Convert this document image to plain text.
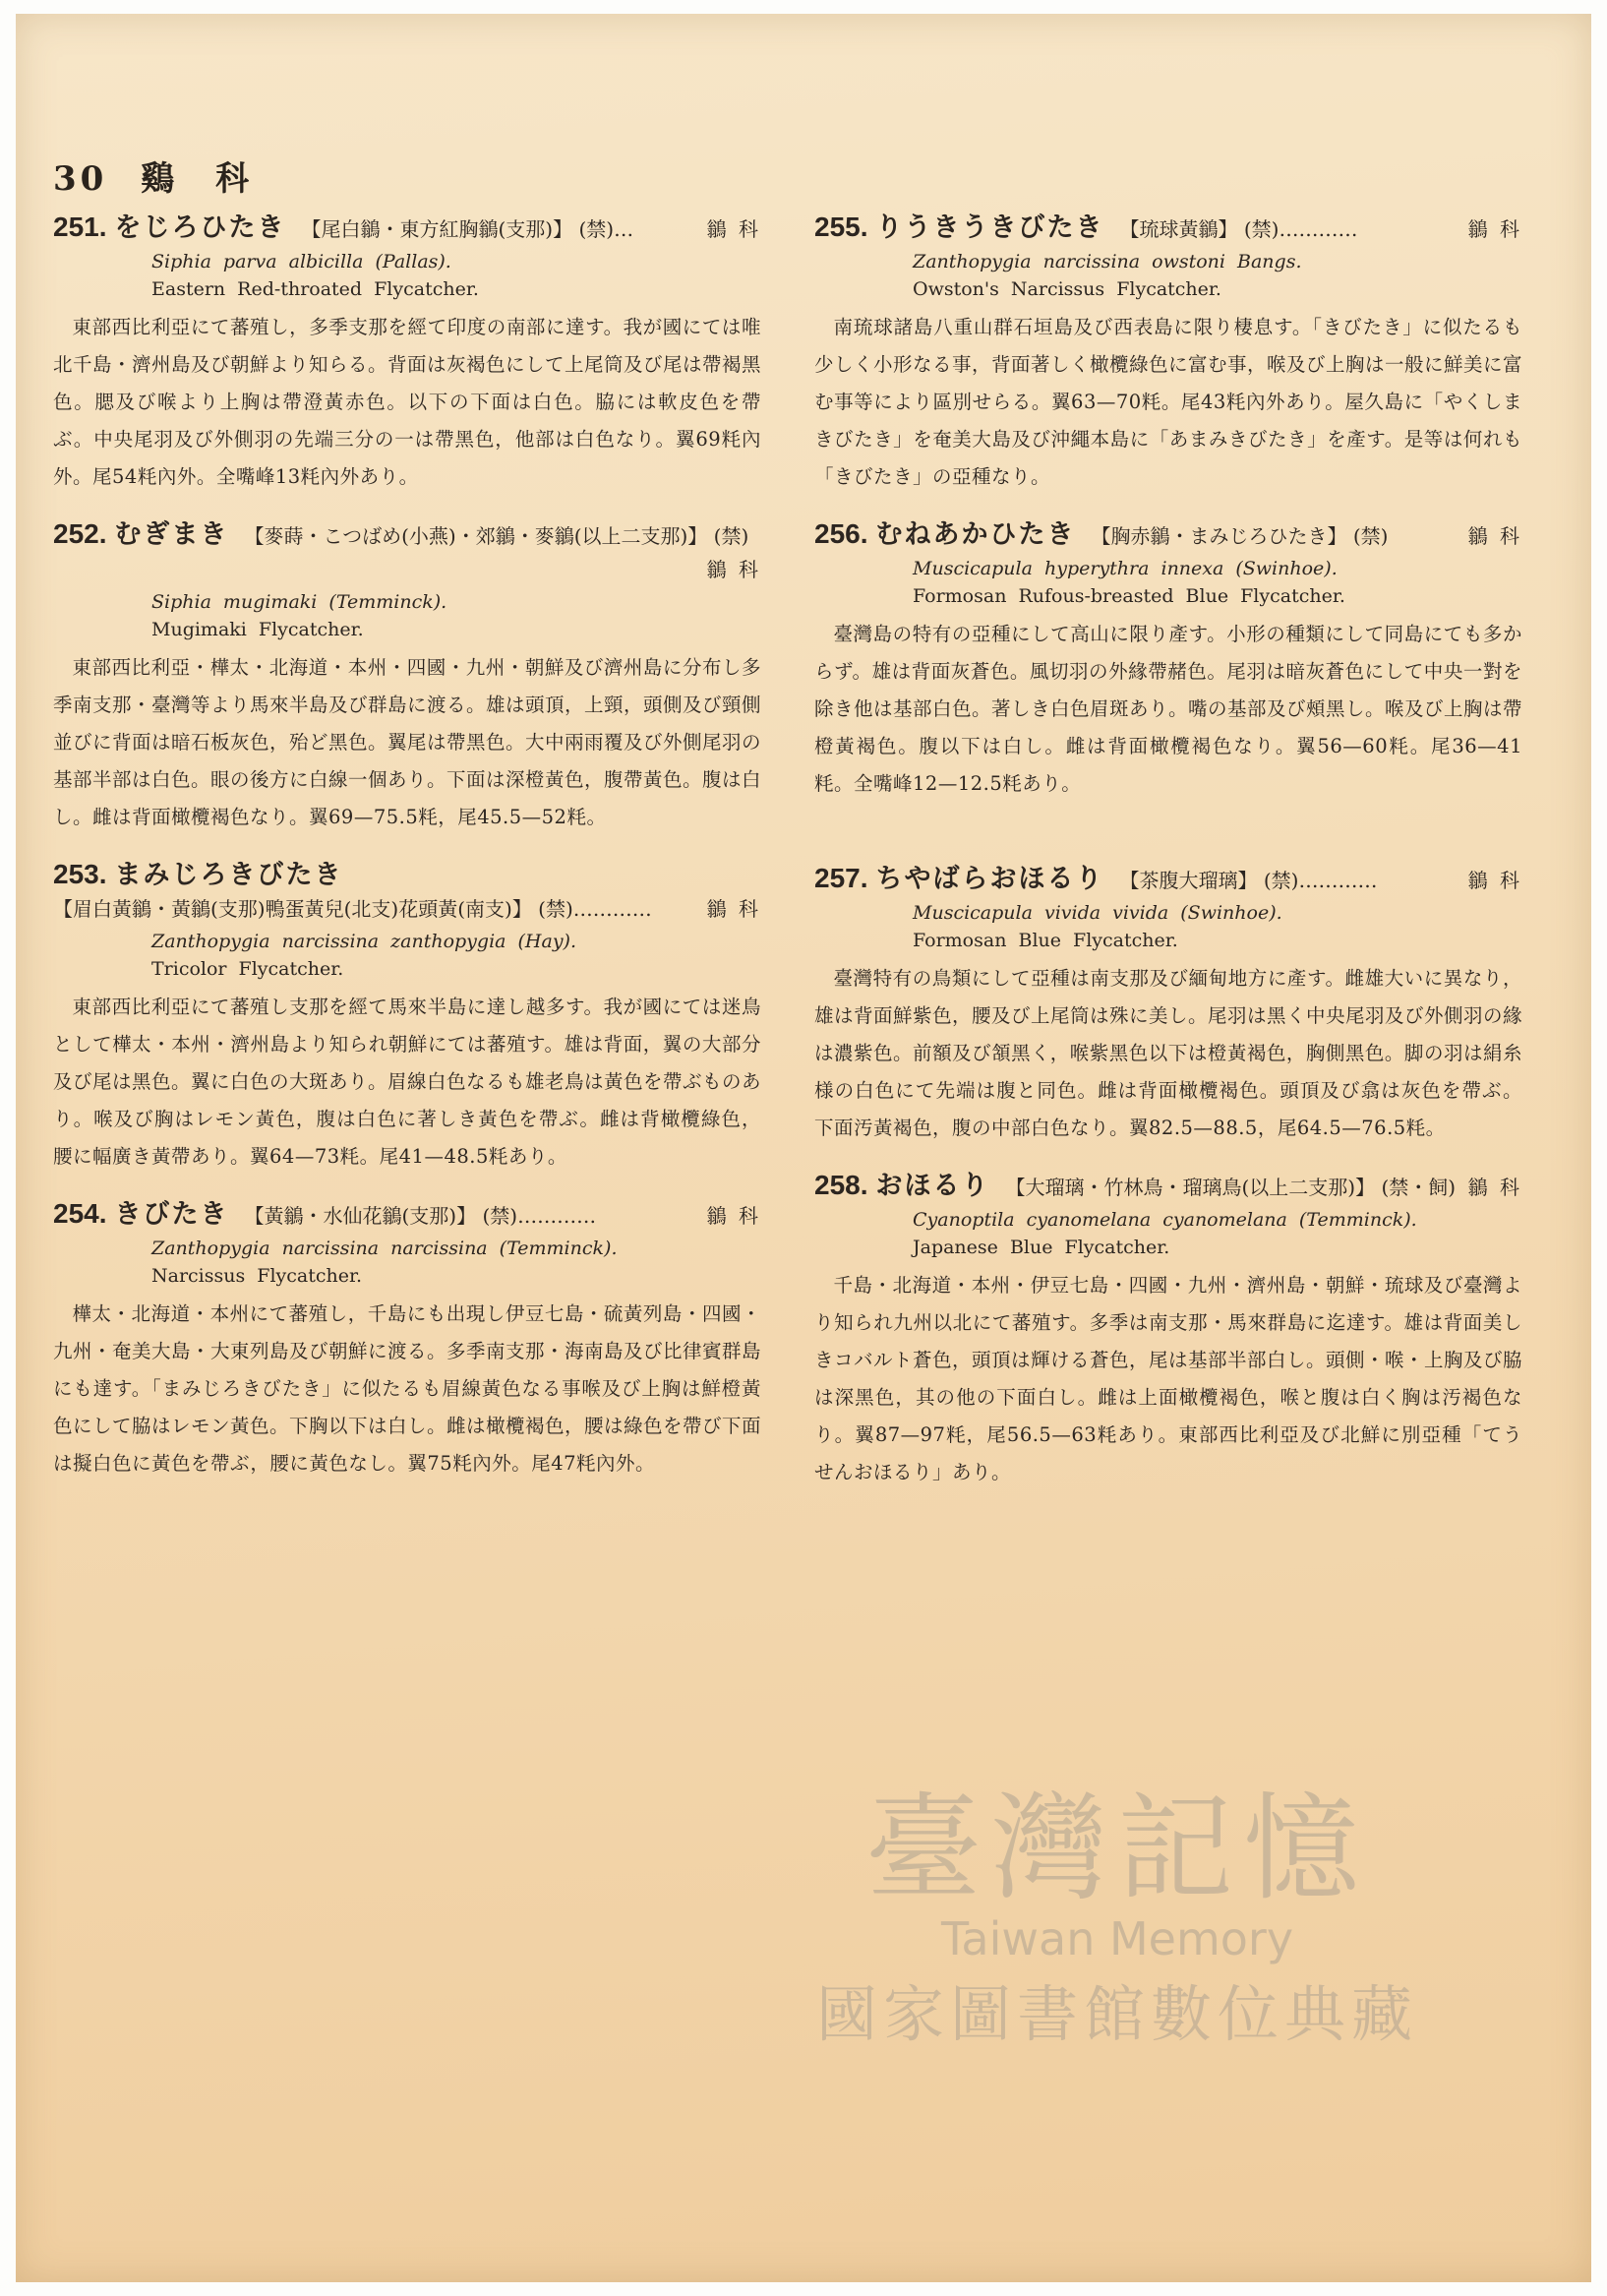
30 鷄　科
251. をじろひたき 【尾白鶲・東方紅胸鶲(支那)】 (禁)…	鶲 科
Siphia parva albicilla (Pallas).
Eastern Red-throated Flycatcher.
東部西比利亞にて蕃殖し，多季支那を經て印度の南部に達す。我が國にては唯北千島・濟州島及び朝鮮より知らる。背面は灰褐色にして上尾筒及び尾は帶褐黑色。腮及び喉より上胸は帶澄黃赤色。以下の下面は白色。脇には軟皮色を帶ぶ。中央尾羽及び外側羽の先端三分の一は帶黑色，他部は白色なり。翼69粍內外。尾54粍內外。全嘴峰13粍內外あり。
252. むぎまき 【麥蒔・こつばめ(小燕)・郊鶲・麥鶲(以上二支那)】 (禁)
鶲 科
Siphia mugimaki (Temminck).
Mugimaki Flycatcher.
東部西比利亞・樺太・北海道・本州・四國・九州・朝鮮及び濟州島に分布し多季南支那・臺灣等より馬來半島及び群島に渡る。雄は頭頂，上頸，頭側及び頸側並びに背面は暗石板灰色，殆ど黑色。翼尾は帶黑色。大中兩雨覆及び外側尾羽の基部半部は白色。眼の後方に白線一個あり。下面は深橙黃色，腹帶黃色。腹は白し。雌は背面橄欖褐色なり。翼69—75.5粍，尾45.5—52粍。
253. まみじろきびたき
【眉白黃鶲・黃鶲(支那)鴨蛋黃兒(北支)花頭黃(南支)】 (禁)…………	鶲 科
Zanthopygia narcissina zanthopygia (Hay).
Tricolor Flycatcher.
東部西比利亞にて蕃殖し支那を經て馬來半島に達し越多す。我が國にては迷鳥として樺太・本州・濟州島より知られ朝鮮にては蕃殖す。雄は背面，翼の大部分及び尾は黑色。翼に白色の大斑あり。眉線白色なるも雄老鳥は黃色を帶ぶものあり。喉及び胸はレモン黃色，腹は白色に著しき黃色を帶ぶ。雌は背橄欖綠色，腰に幅廣き黃帶あり。翼64—73粍。尾41—48.5粍あり。
254. きびたき 【黃鶲・水仙花鶲(支那)】 (禁)…………	鶲 科
Zanthopygia narcissina narcissina (Temminck).
Narcissus Flycatcher.
樺太・北海道・本州にて蕃殖し，千島にも出現し伊豆七島・硫黃列島・四國・九州・奄美大島・大東列島及び朝鮮に渡る。多季南支那・海南島及び比律賓群島にも達す。「まみじろきびたき」に似たるも眉線黃色なる事喉及び上胸は鮮橙黃色にして脇はレモン黃色。下胸以下は白し。雌は橄欖褐色，腰は綠色を帶び下面は擬白色に黃色を帶ぶ，腰に黃色なし。翼75粍內外。尾47粍內外。
255. りうきうきびたき 【琉球黃鶲】 (禁)…………	鶲 科
Zanthopygia narcissina owstoni Bangs.
Owston's Narcissus Flycatcher.
南琉球諸島八重山群石垣島及び西表島に限り棲息す。「きびたき」に似たるも少しく小形なる事，背面著しく橄欖綠色に富む事，喉及び上胸は一般に鮮美に富む事等により區別せらる。翼63—70粍。尾43粍內外あり。屋久島に「やくしまきびたき」を奄美大島及び沖繩本島に「あまみきびたき」を產す。是等は何れも「きびたき」の亞種なり。
256. むねあかひたき 【胸赤鶲・まみじろひたき】 (禁)	鶲 科
Muscicapula hyperythra innexa (Swinhoe).
Formosan Rufous-breasted Blue Flycatcher.
臺灣島の特有の亞種にして高山に限り產す。小形の種類にして同島にても多からず。雄は背面灰蒼色。風切羽の外緣帶赭色。尾羽は暗灰蒼色にして中央一對を除き他は基部白色。著しき白色眉斑あり。嘴の基部及び頰黑し。喉及び上胸は帶橙黃褐色。腹以下は白し。雌は背面橄欖褐色なり。翼56—60粍。尾36—41粍。全嘴峰12—12.5粍あり。
257. ちやばらおほるり 【茶腹大瑠璃】 (禁)…………	鶲 科
Muscicapula vivida vivida (Swinhoe).
Formosan Blue Flycatcher.
臺灣特有の鳥類にして亞種は南支那及び緬甸地方に產す。雌雄大いに異なり，雄は背面鮮紫色，腰及び上尾筒は殊に美し。尾羽は黑く中央尾羽及び外側羽の緣は濃紫色。前額及び頷黑く，喉紫黑色以下は橙黃褐色，胸側黑色。脚の羽は絹糸様の白色にて先端は腹と同色。雌は背面橄欖褐色。頭頂及び翕は灰色を帶ぶ。下面汚黃褐色，腹の中部白色なり。翼82.5—88.5，尾64.5—76.5粍。
258. おほるり 【大瑠璃・竹林鳥・瑠璃鳥(以上二支那)】 (禁・飼) 鶲 科
Cyanoptila cyanomelana cyanomelana (Temminck).
Japanese Blue Flycatcher.
千島・北海道・本州・伊豆七島・四國・九州・濟州島・朝鮮・琉球及び臺灣より知られ九州以北にて蕃殖す。多季は南支那・馬來群島に迄達す。雄は背面美しきコバルト蒼色，頭頂は輝ける蒼色，尾は基部半部白し。頭側・喉・上胸及び脇は深黑色，其の他の下面白し。雌は上面橄欖褐色，喉と腹は白く胸は汚褐色なり。翼87—97粍，尾56.5—63粍あり。東部西比利亞及び北鮮に別亞種「てうせんおほるり」あり。
臺灣記憶
Taiwan Memory
國家圖書館數位典藏
